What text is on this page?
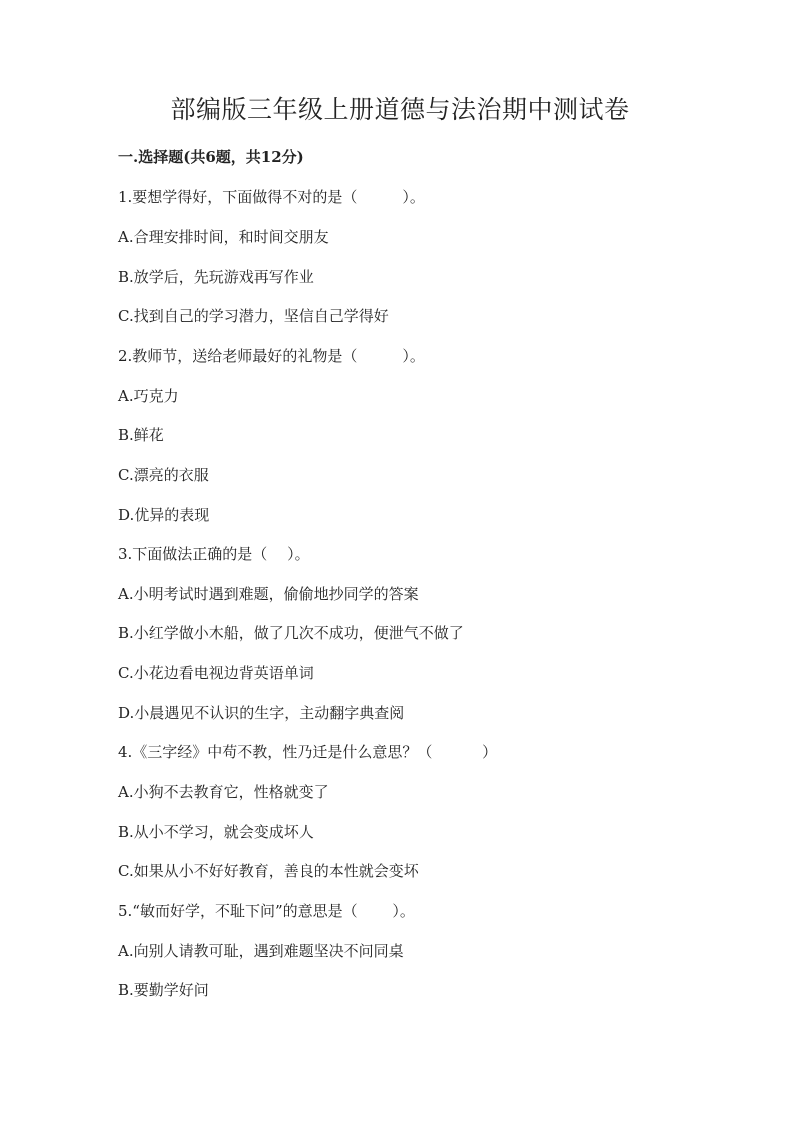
部编版三年级上册道德与法治期中测试卷

一.选择题(共6题，共12分)

1.要想学得好，下面做得不对的是（　　　）。

A.合理安排时间，和时间交朋友

B.放学后，先玩游戏再写作业

C.找到自己的学习潜力，坚信自己学得好

2.教师节，送给老师最好的礼物是（　　　）。

A.巧克力

B.鲜花

C.漂亮的衣服

D.优异的表现

3.下面做法正确的是（　 ）。

A.小明考试时遇到难题，偷偷地抄同学的答案

B.小红学做小木船，做了几次不成功，便泄气不做了

C.小花边看电视边背英语单词

D.小晨遇见不认识的生字，主动翻字典查阅

4.《三字经》中苟不教，性乃迁是什么意思？（　　　 ）

A.小狗不去教育它，性格就变了

B.从小不学习，就会变成坏人

C.如果从小不好好教育，善良的本性就会变坏

5.“敏而好学，不耻下问”的意思是（　　 ）。

A.向别人请教可耻，遇到难题坚决不问同桌

B.要勤学好问
